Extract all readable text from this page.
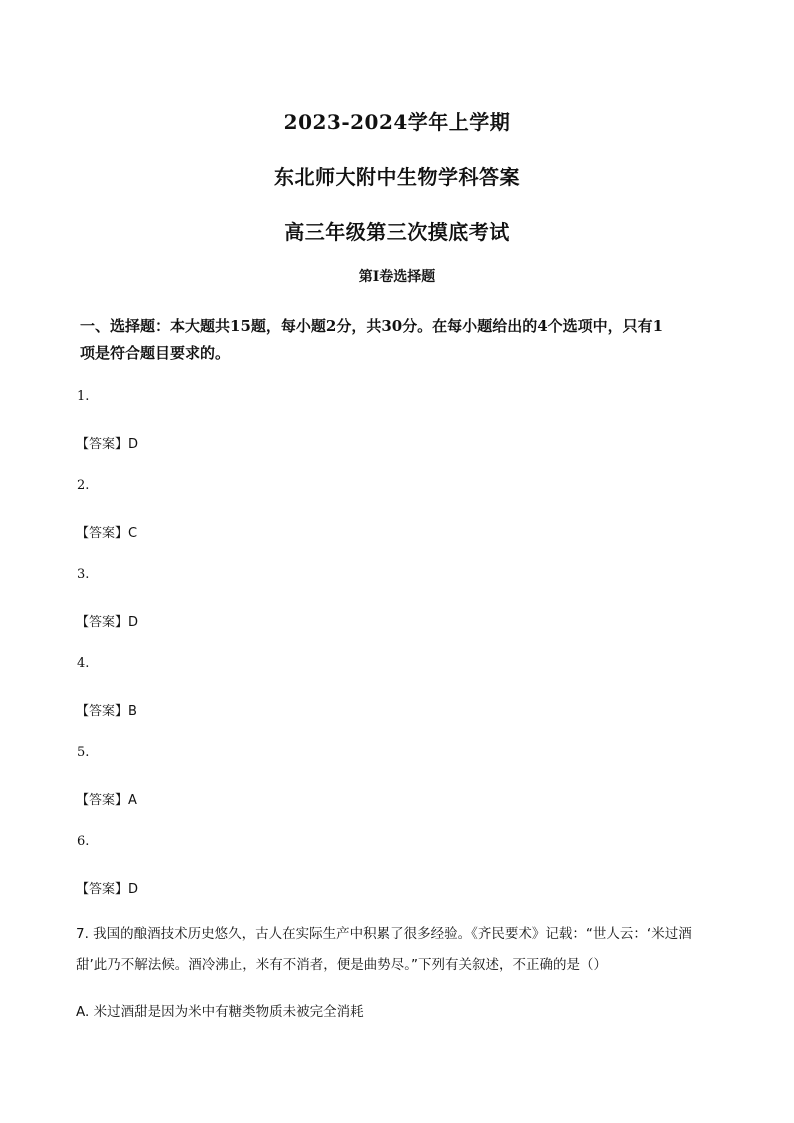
2023-2024学年上学期
东北师大附中生物学科答案
高三年级第三次摸底考试
第I卷选择题
一、选择题：本大题共15题，每小题2分，共30分。在每小题给出的4个选项中，只有1
项是符合题目要求的。
1.
【答案】D
2.
【答案】C
3.
【答案】D
4.
【答案】B
5.
【答案】A
6.
【答案】D
7. 我国的酿酒技术历史悠久，古人在实际生产中积累了很多经验。《齐民要术》记载：“世人云：‘米过酒
甜’此乃不解法候。酒冷沸止，米有不消者，便是曲势尽。”下列有关叙述，不正确的是（）
A. 米过酒甜是因为米中有糖类物质未被完全消耗
